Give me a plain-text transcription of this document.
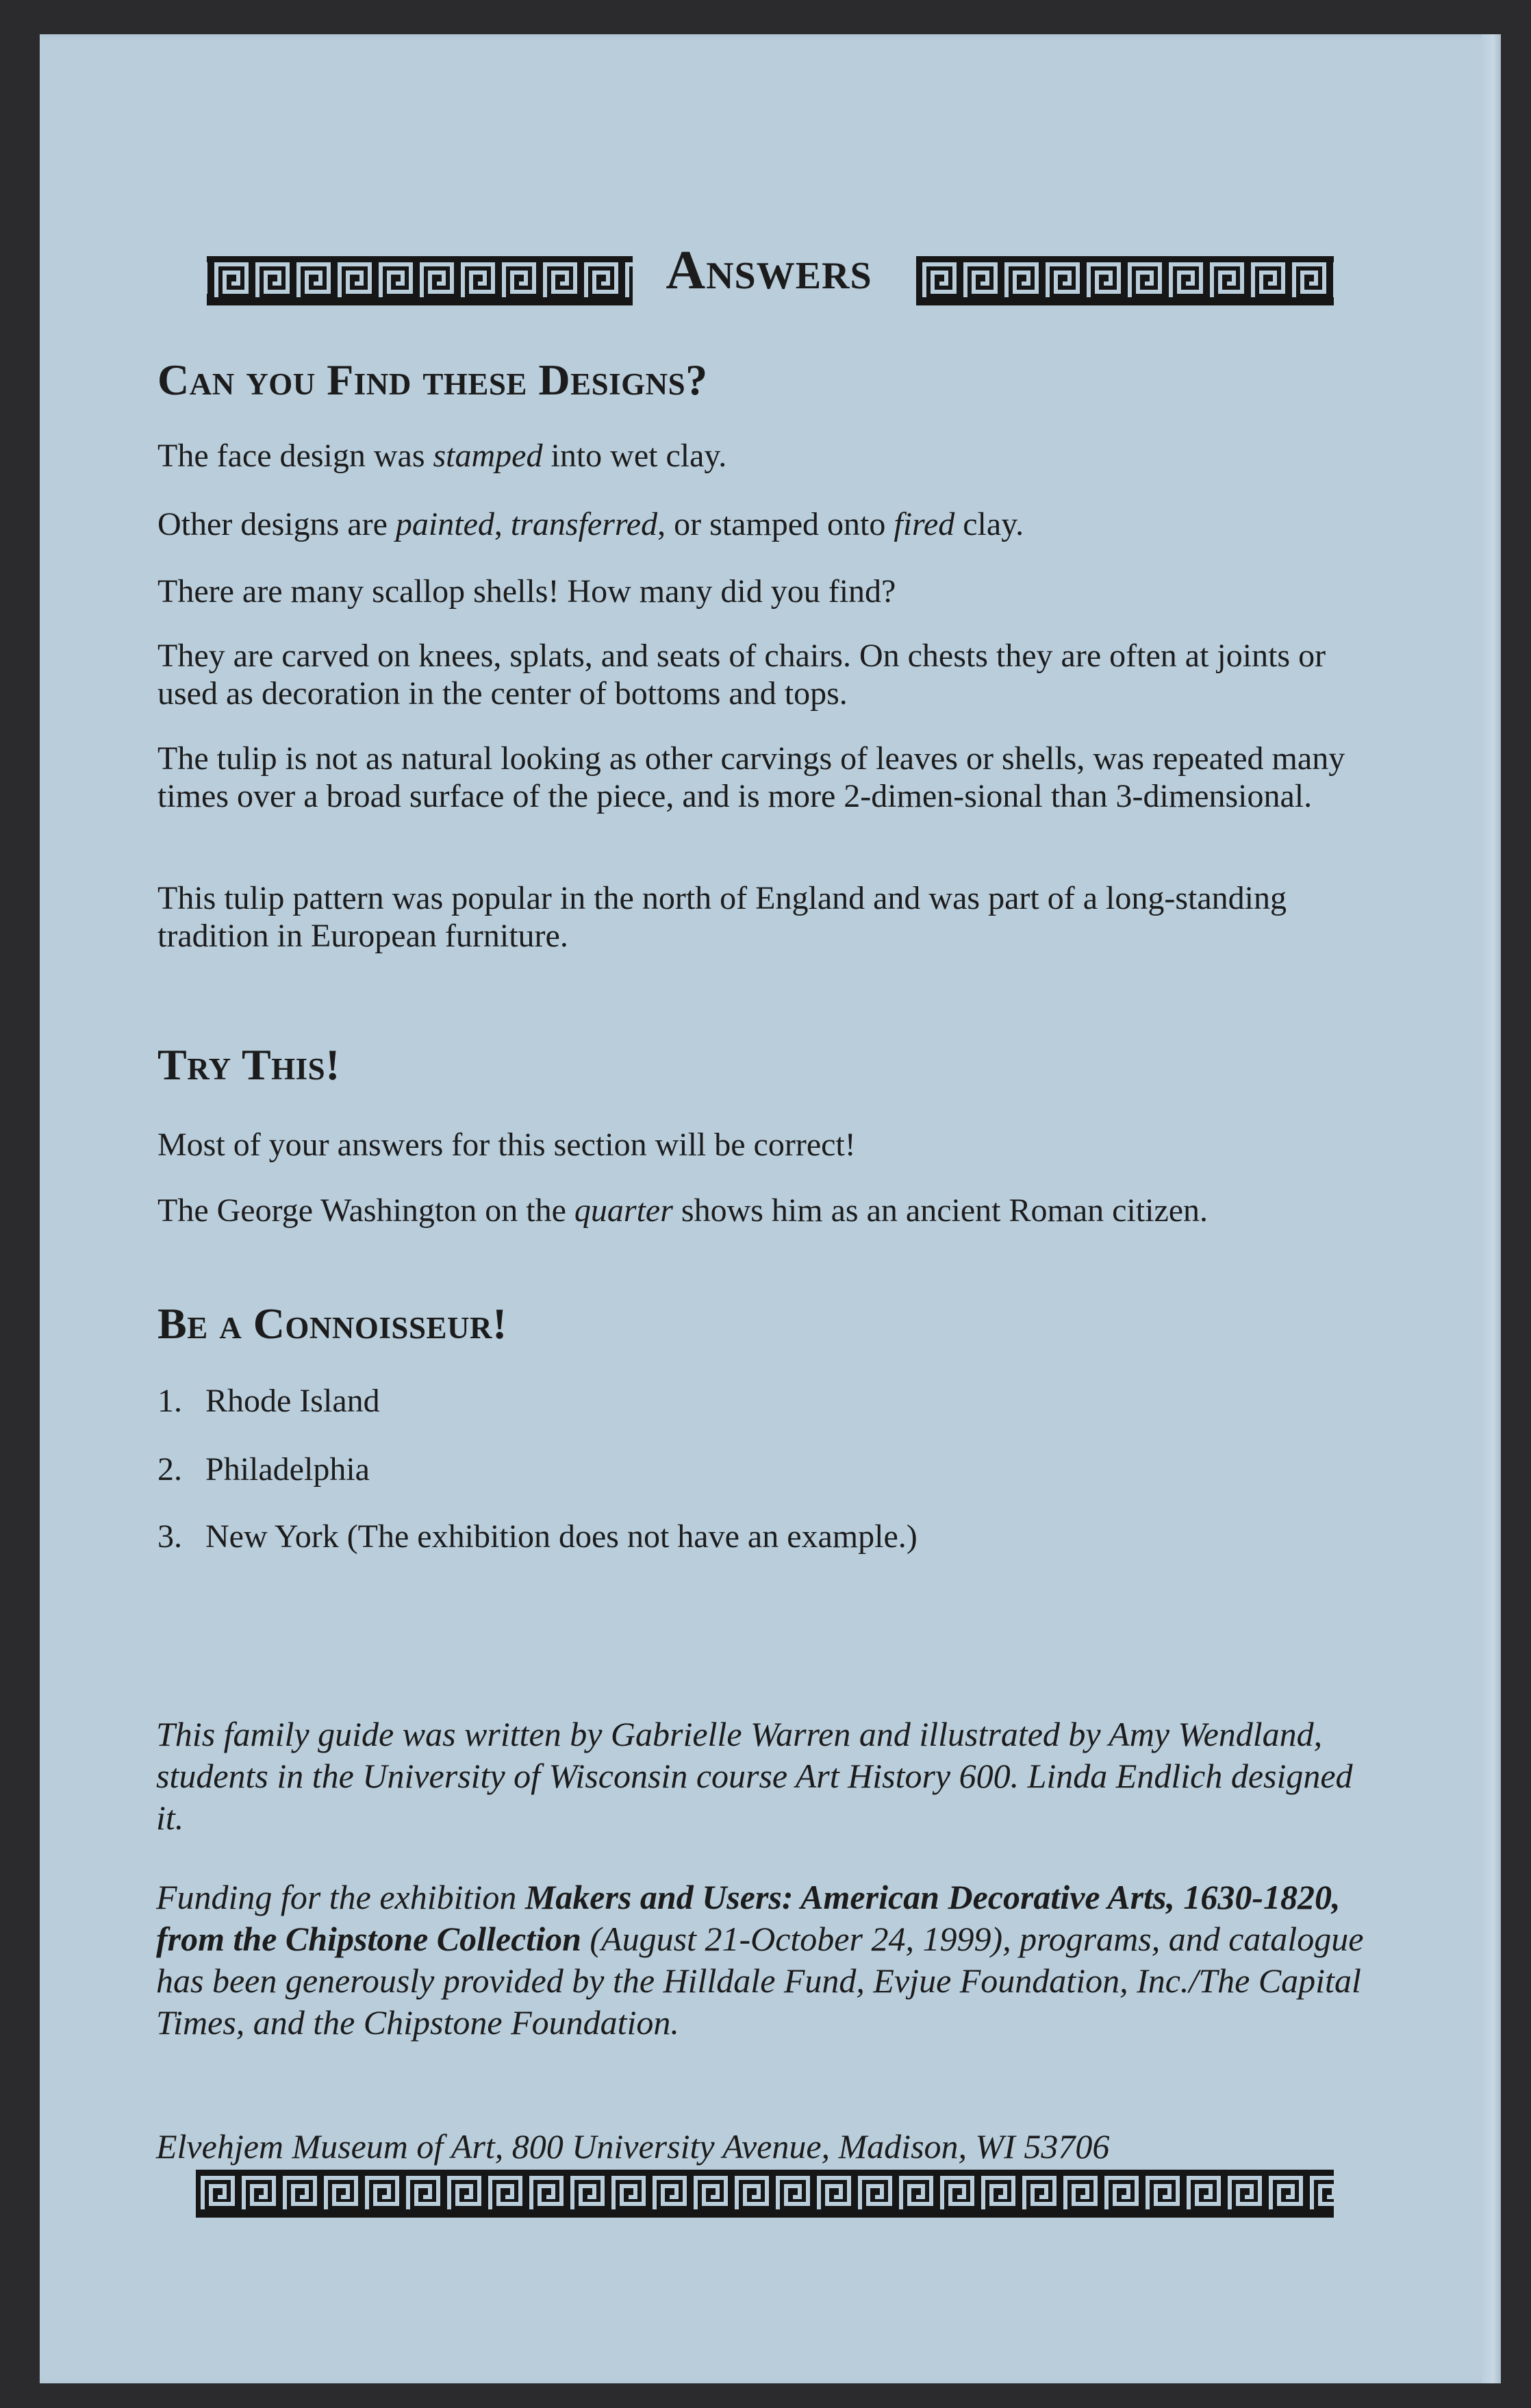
Answers
Can you Find these Designs?

The face design was stamped into wet clay.

Other designs are painted, transferred, or stamped onto fired clay.

There are many scallop shells! How many did you find?

They are carved on knees, splats, and seats of chairs. On chests they are often at joints or used as decoration in the center of bottoms and tops.

The tulip is not as natural looking as other carvings of leaves or shells, was repeated many times over a broad surface of the piece, and is more 2-dimen-sional than 3-dimensional.

This tulip pattern was popular in the north of England and was part of a long-standing tradition in European furniture.

Try This!

Most of your answers for this section will be correct!

The George Washington on the quarter shows him as an ancient Roman citizen.

Be a Connoisseur!

1. Rhode Island

2. Philadelphia

3. New York (The exhibition does not have an example.)

This family guide was written by Gabrielle Warren and illustrated by Amy Wendland, students in the University of Wisconsin course Art History 600. Linda Endlich designed it.

Funding for the exhibition Makers and Users: American Decorative Arts, 1630-1820, from the Chipstone Collection (August 21-October 24, 1999), programs, and catalogue has been generously provided by the Hilldale Fund, Evjue Foundation, Inc./The Capital Times, and the Chipstone Foundation.

Elvehjem Museum of Art, 800 University Avenue, Madison, WI 53706
